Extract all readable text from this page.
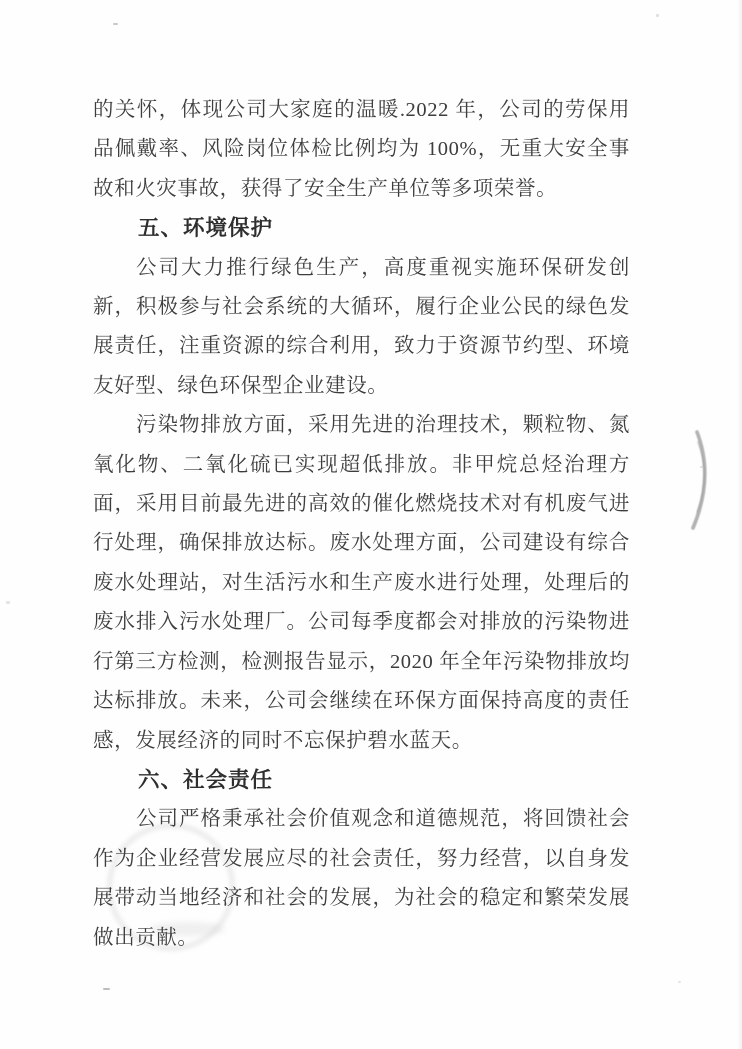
的关怀，体现公司大家庭的温暖.2022 年，公司的劳保用品佩戴率、风险岗位体检比例均为 100%，无重大安全事故和火灾事故，获得了安全生产单位等多项荣誉。

五、环境保护

公司大力推行绿色生产，高度重视实施环保研发创新，积极参与社会系统的大循环，履行企业公民的绿色发展责任，注重资源的综合利用，致力于资源节约型、环境友好型、绿色环保型企业建设。

污染物排放方面，采用先进的治理技术，颗粒物、氮氧化物、二氧化硫已实现超低排放。非甲烷总烃治理方面，采用目前最先进的高效的催化燃烧技术对有机废气进行处理，确保排放达标。废水处理方面，公司建设有综合废水处理站，对生活污水和生产废水进行处理，处理后的废水排入污水处理厂。公司每季度都会对排放的污染物进行第三方检测，检测报告显示，2020 年全年污染物排放均达标排放。未来，公司会继续在环保方面保持高度的责任感，发展经济的同时不忘保护碧水蓝天。

六、社会责任

公司严格秉承社会价值观念和道德规范，将回馈社会作为企业经营发展应尽的社会责任，努力经营，以自身发展带动当地经济和社会的发展，为社会的稳定和繁荣发展做出贡献。
